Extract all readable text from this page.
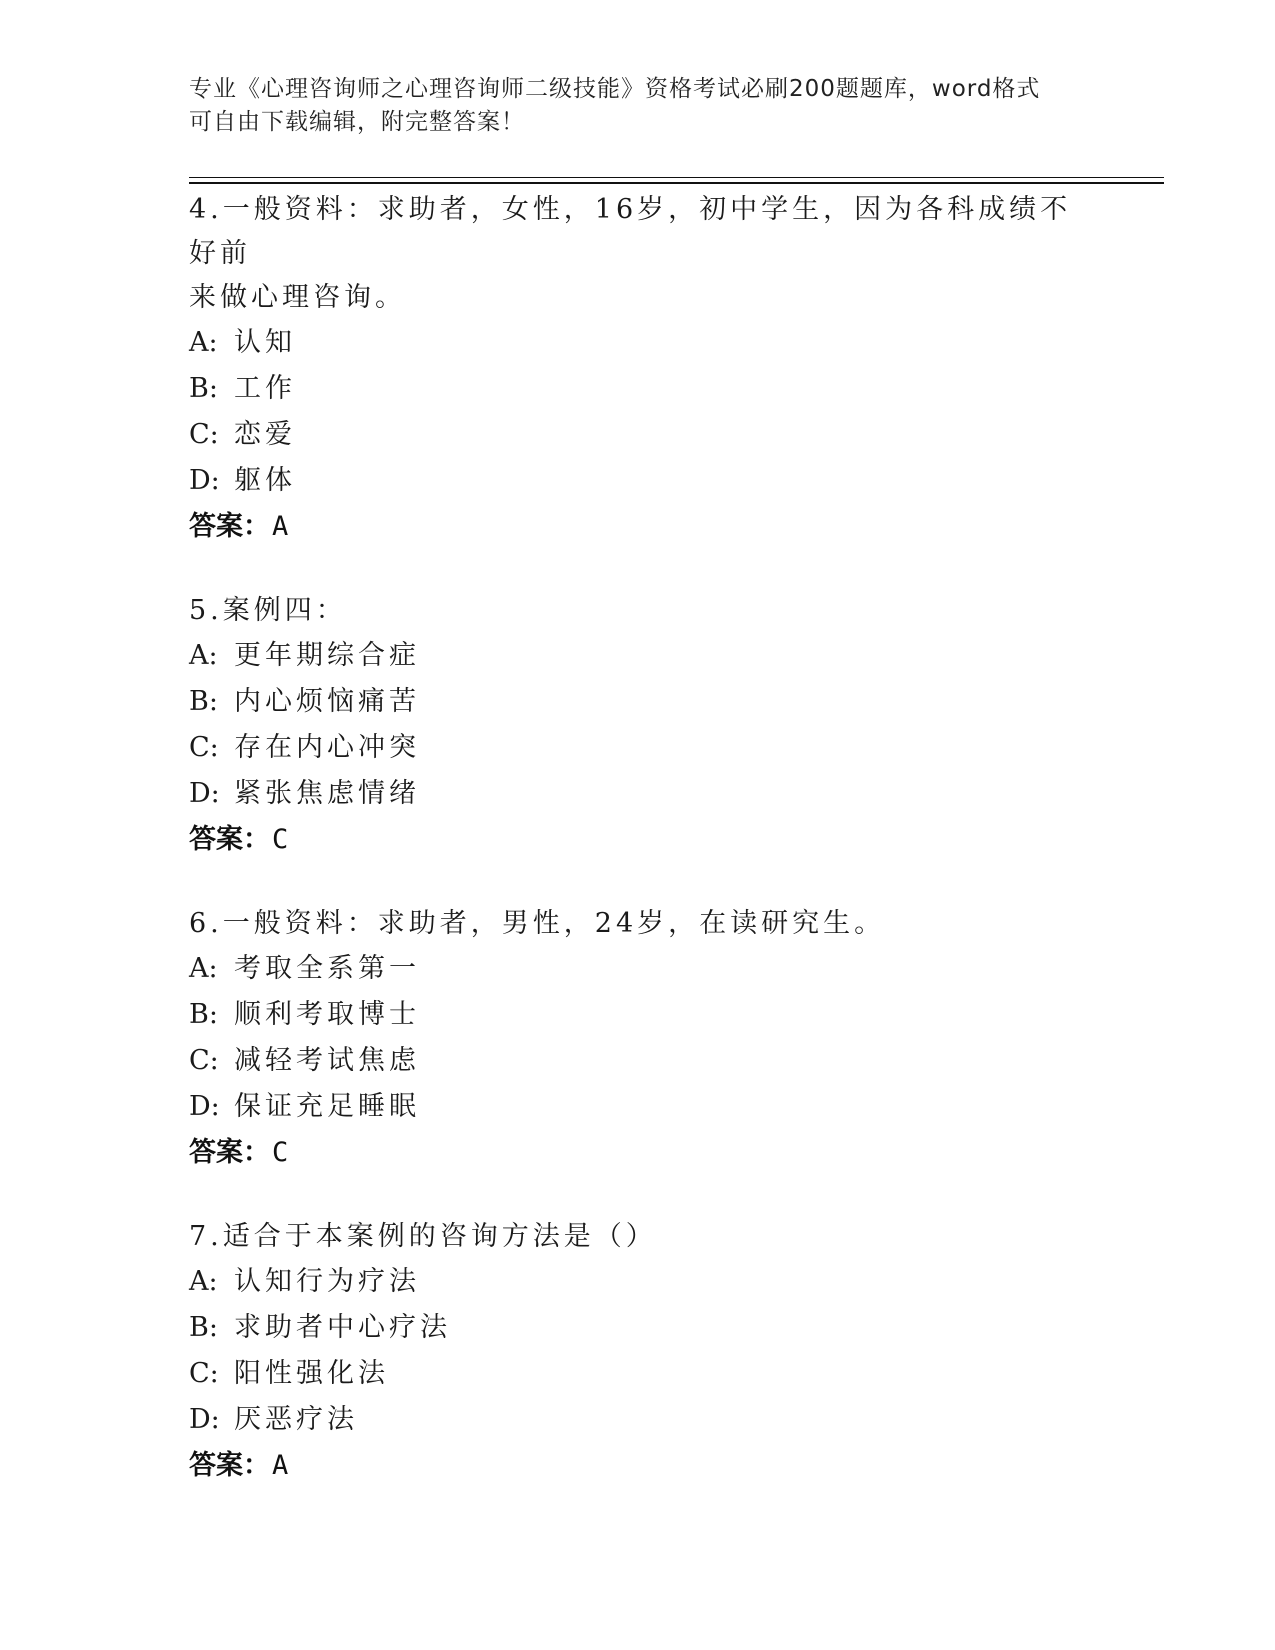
专业《心理咨询师之心理咨询师二级技能》资格考试必刷200题题库，word格式
可自由下载编辑，附完整答案！
4.一般资料：求助者，女性，16岁，初中学生，因为各科成绩不好前
来做心理咨询。
A: 认知
B: 工作
C: 恋爱
D: 躯体
答案：A
5.案例四：
A: 更年期综合症
B: 内心烦恼痛苦
C: 存在内心冲突
D: 紧张焦虑情绪
答案：C
6.一般资料：求助者，男性，24岁，在读研究生。
A: 考取全系第一
B: 顺利考取博士
C: 减轻考试焦虑
D: 保证充足睡眠
答案：C
7.适合于本案例的咨询方法是（）
A: 认知行为疗法
B: 求助者中心疗法
C: 阳性强化法
D: 厌恶疗法
答案：A
